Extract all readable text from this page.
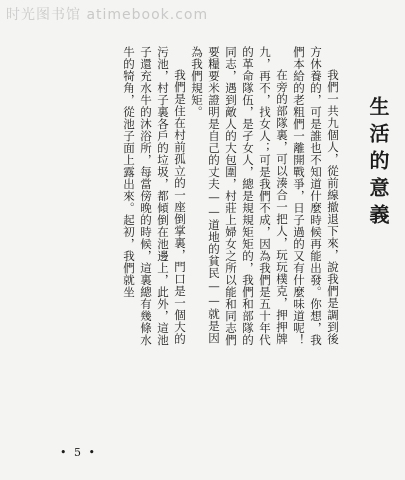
时光图书馆 atimebook.com
生活的意義

我們一共九個人，從前線撤退下來，說我們是調到後方休養的，可是誰也不知道什麼時候再能出發。你想，我們本給的老粗們一離開戰爭，日子過的又有什麼味道呢！

在旁的部隊裏，可以湊合一把人，玩玩樸克，押押牌九，再不，找女人；可是我們不成，因為我們是五十年代的革命隊伍，是孑女人，總是規規矩矩的，我們和部隊的同志，遇到敵人的大包圍，村莊上婦女之所以能和同志們要糧要米證明是自己的丈夫——道地的貧民——就是因為我們規矩。

我們是住在村前孤立的一座倒掌裏，門口是一個大的污池，村子裏各戶的垃圾，都傾倒在池邊上，此外，這池子還充水牛的沐浴所，每當傍晚的時候，這裏總有幾條水牛的犄角，從池子面上露出來。起初，我們就坐

• 5 •
